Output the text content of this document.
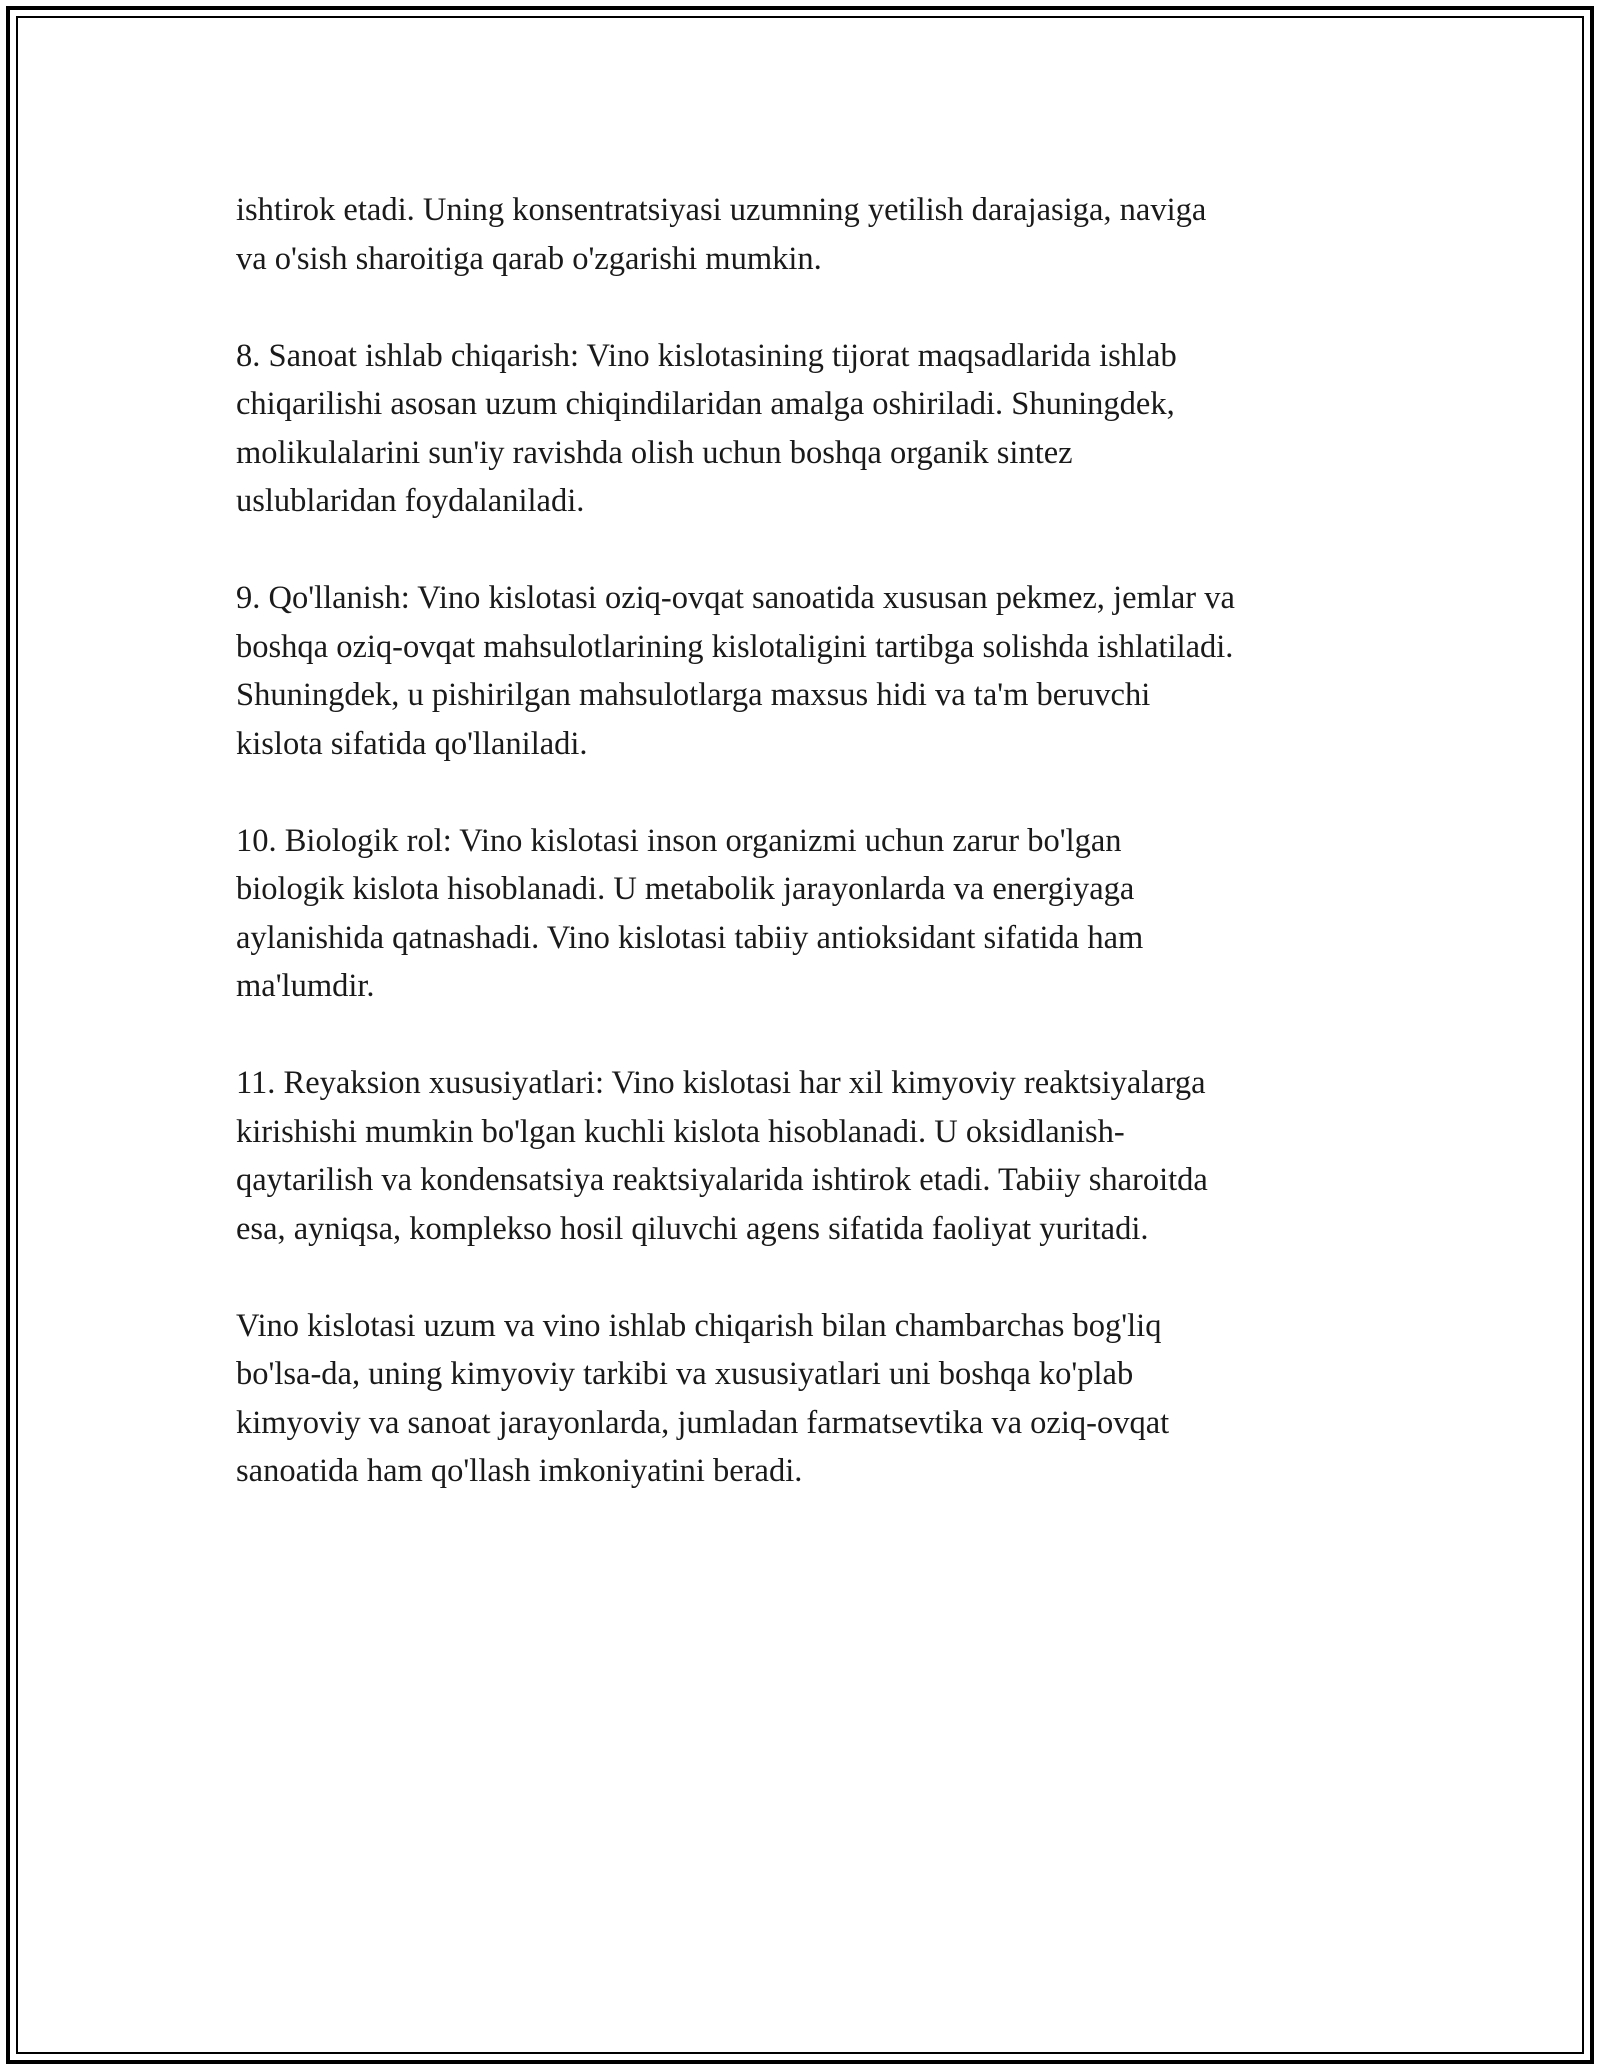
ishtirok etadi. Uning konsentratsiyasi uzumning yetilish darajasiga, naviga
va o'sish sharoitiga qarab o'zgarishi mumkin.

8. Sanoat ishlab chiqarish: Vino kislotasining tijorat maqsadlarida ishlab
chiqarilishi asosan uzum chiqindilaridan amalga oshiriladi. Shuningdek,
molikulalarini sun'iy ravishda olish uchun boshqa organik sintez
uslublaridan foydalaniladi.

9. Qo'llanish: Vino kislotasi oziq-ovqat sanoatida xususan pekmez, jemlar va
boshqa oziq-ovqat mahsulotlarining kislotaligini tartibga solishda ishlatiladi.
Shuningdek, u pishirilgan mahsulotlarga maxsus hidi va ta'm beruvchi
kislota sifatida qo'llaniladi.

10. Biologik rol: Vino kislotasi inson organizmi uchun zarur bo'lgan
biologik kislota hisoblanadi. U metabolik jarayonlarda va energiyaga
aylanishida qatnashadi. Vino kislotasi tabiiy antioksidant sifatida ham
ma'lumdir.

11. Reyaksion xususiyatlari: Vino kislotasi har xil kimyoviy reaktsiyalarga
kirishishi mumkin bo'lgan kuchli kislota hisoblanadi. U oksidlanish-
qaytarilish va kondensatsiya reaktsiyalarida ishtirok etadi. Tabiiy sharoitda
esa, ayniqsa, komplekso hosil qiluvchi agens sifatida faoliyat yuritadi.

Vino kislotasi uzum va vino ishlab chiqarish bilan chambarchas bog'liq
bo'lsa-da, uning kimyoviy tarkibi va xususiyatlari uni boshqa ko'plab
kimyoviy va sanoat jarayonlarda, jumladan farmatsevtika va oziq-ovqat
sanoatida ham qo'llash imkoniyatini beradi.
